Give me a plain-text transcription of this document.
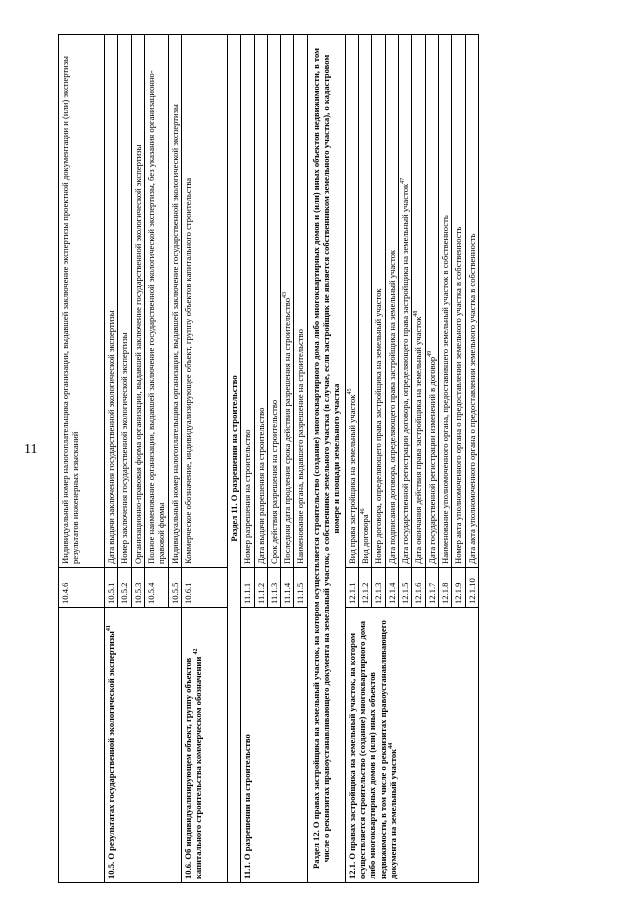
11
	10.4.6	Индивидуальный номер налогоплательщика организации, выдавшей заключение экспертизы проектной документации и (или) экспертизы результатов инженерных изысканий
10.5. О результатах государственной экологической экспертизы$^{41}$	10.5.1	Дата выдачи заключения государственной экологической экспертизы
	10.5.2	Номер заключения государственной экологической экспертизы
	10.5.3	Организационно-правовая форма организации, выдавшей заключение государственной экологической экспертизы
	10.5.4	Полное наименование организации, выдавшей заключение государственной экологической экспертизы, без указания организационно-правовой формы
	10.5.5	Индивидуальный номер налогоплательщика организации, выдавшей заключение государственной экологической экспертизы
10.6. Об индивидуализирующем объект, группу объектов капитального строительства коммерческом обозначении $^{42}$	10.6.1	Коммерческое обозначение, индивидуализирующее объект, группу объектов капитального строительства
Раздел 11. О разрешении на строительство		
11.1. О разрешении на строительство	11.1.1	Номер разрешения на строительство
	11.1.2	Дата выдачи разрешения на строительство
	11.1.3	Срок действия разрешения на строительство
	11.1.4	Последняя дата продления срока действия разрешения на строительство$^{43}$
	11.1.5	Наименование органа, выдавшего разрешение на строительство
Раздел 12. О правах застройщика на земельный участок, на котором осуществляется строительство (создание) многоквартирного дома либо многоквартирных домов и (или) иных объектов недвижимости, в том числе о реквизитах правоустанавливающего документа на земельный участок, о собственнике земельного участка (в случае, если застройщик не является собственником земельного участка), о кадастровом номере и площади земельного участка		
12.1. О правах застройщика на земельный участок, на котором осуществляется строительство (создание) многоквартирного дома либо многоквартирных домов и (или) иных объектов недвижимости, в том числе о реквизитах правоустанавливающего документа на земельный участок$^{44}$	12.1.1	Вид права застройщика на земельный участок$^{45}$
	12.1.2	Вид договора$^{46}$
	12.1.3	Номер договора, определяющего права застройщика на земельный участок
	12.1.4	Дата подписания договора, определяющего права застройщика на земельный участок
	12.1.5	Дата государственной регистрации договора, определяющего права застройщика на земельный участок$^{47}$
	12.1.6	Дата окончания действия права застройщика на земельный участок$^{48}$
	12.1.7	Дата государственной регистрации изменений в договор$^{49}$
	12.1.8	Наименование уполномоченного органа, предоставившего земельный участок в собственность
	12.1.9	Номер акта уполномоченного органа о предоставлении земельного участка в собственность
	12.1.10	Дата акта уполномоченного органа о предоставлении земельного участка в собственность
